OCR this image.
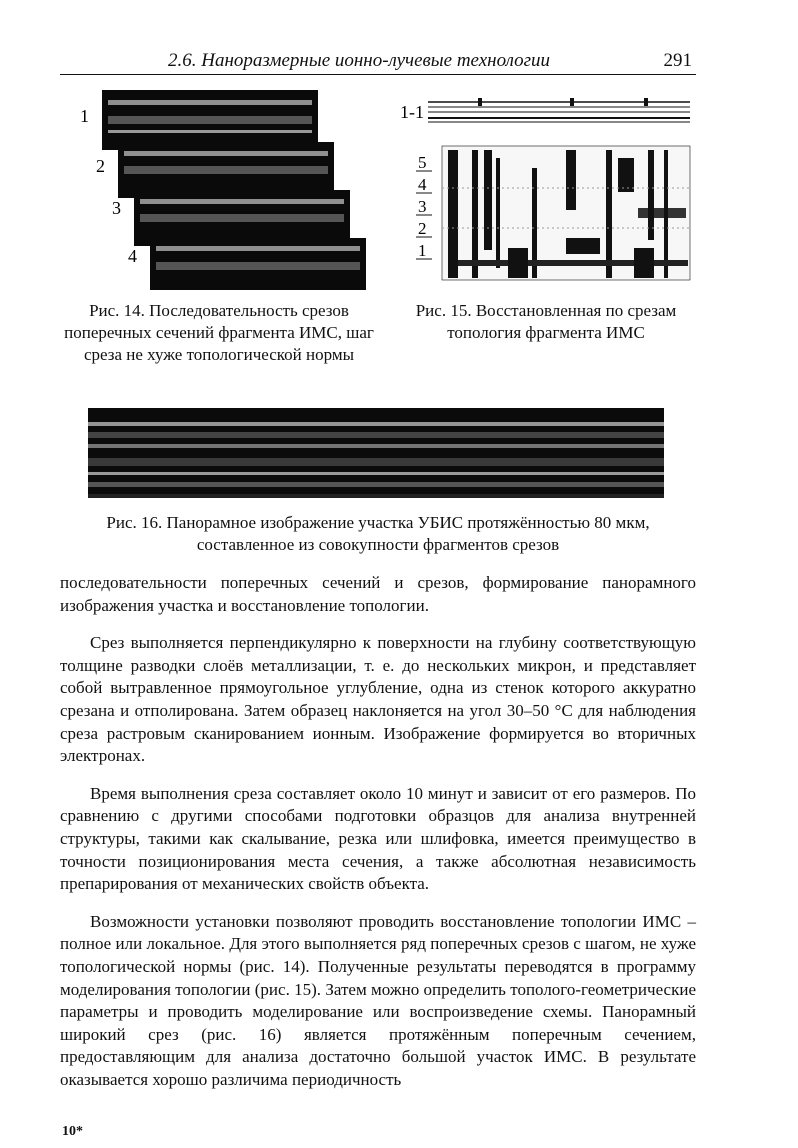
2.6. Наноразмерные ионно-лучевые технологии	291
1
2
3
4
1-1
5
4
3
2
1
Рис. 14. Последовательность срезов поперечных сечений фрагмента ИМС, шаг среза не хуже топологической нормы
Рис. 15. Восстановленная по срезам топология фрагмента ИМС
Рис. 16. Панорамное изображение участка УБИС протяжённостью 80 мкм, составленное из совокупности фрагментов срезов

последовательности поперечных сечений и срезов, формирование панорамного изображения участка и восстановление топологии.

Срез выполняется перпендикулярно к поверхности на глубину соответствующую толщине разводки слоёв металлизации, т. е. до нескольких микрон, и представляет собой вытравленное прямоугольное углубление, одна из стенок которого аккуратно срезана и отполирована. Затем образец наклоняется на угол 30–50 °С для наблюдения среза растровым сканированием ионным. Изображение формируется во вторичных электронах.

Время выполнения среза составляет около 10 минут и зависит от его размеров. По сравнению с другими способами подготовки образцов для анализа внутренней структуры, такими как скалывание, резка или шлифовка, имеется преимущество в точности позиционирования места сечения, а также абсолютная независимость препарирования от механических свойств объекта.

Возможности установки позволяют проводить восстановление топологии ИМС – полное или локальное. Для этого выполняется ряд поперечных срезов с шагом, не хуже топологической нормы (рис. 14). Полученные результаты переводятся в программу моделирования топологии (рис. 15). Затем можно определить тополого-геометрические параметры и проводить моделирование или воспроизведение схемы. Панорамный широкий срез (рис. 16) является протяжённым поперечным сечением, предоставляющим для анализа достаточно большой участок ИМС. В результате оказывается хорошо различима периодичность

10*
